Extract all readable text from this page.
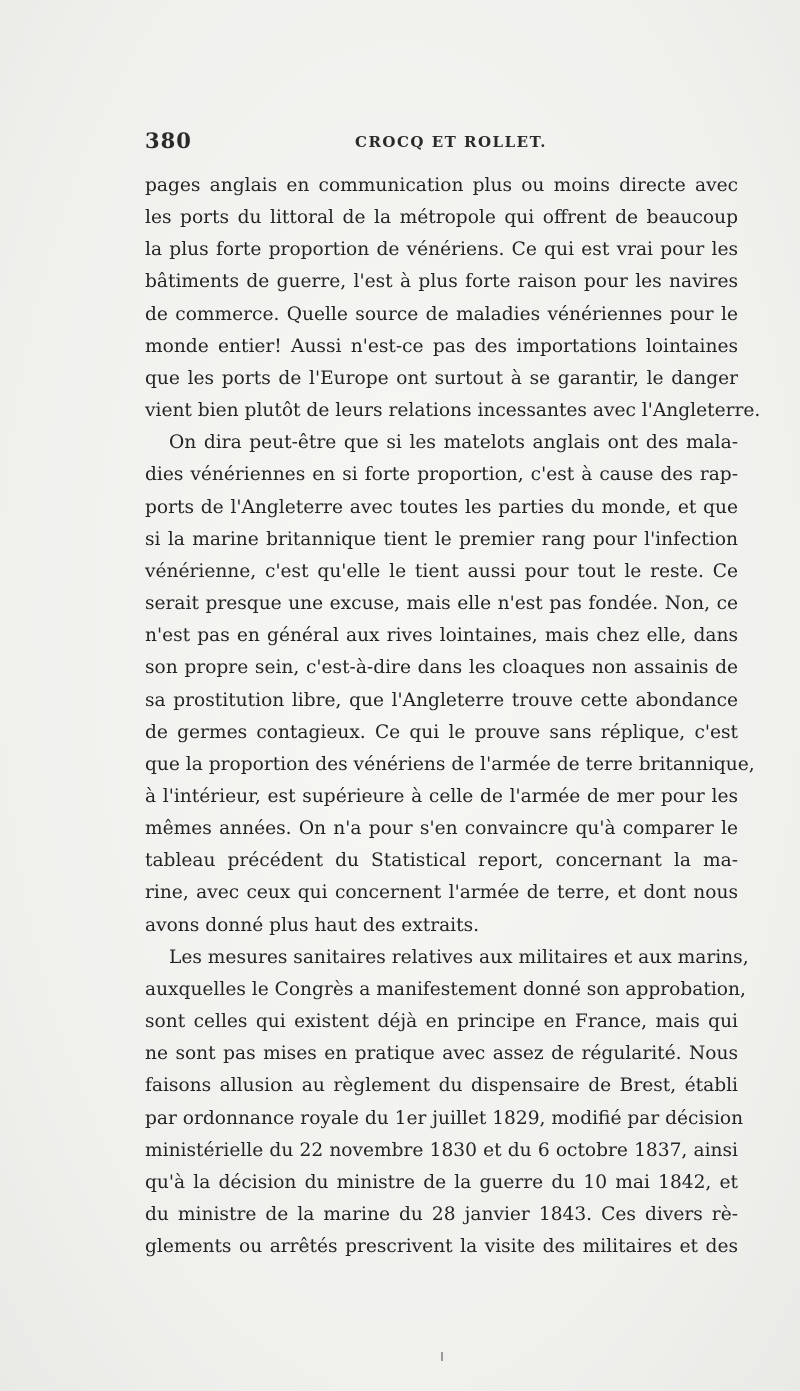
380	CROCQ ET ROLLET.
pages anglais en communication plus ou moins directe avec
les ports du littoral de la métropole qui offrent de beaucoup
la plus forte proportion de vénériens. Ce qui est vrai pour les
bâtiments de guerre, l'est à plus forte raison pour les navires
de commerce. Quelle source de maladies vénériennes pour le
monde entier! Aussi n'est-ce pas des importations lointaines
que les ports de l'Europe ont surtout à se garantir, le danger
vient bien plutôt de leurs relations incessantes avec l'Angleterre.
On dira peut-être que si les matelots anglais ont des mala-
dies vénériennes en si forte proportion, c'est à cause des rap-
ports de l'Angleterre avec toutes les parties du monde, et que
si la marine britannique tient le premier rang pour l'infection
vénérienne, c'est qu'elle le tient aussi pour tout le reste. Ce
serait presque une excuse, mais elle n'est pas fondée. Non, ce
n'est pas en général aux rives lointaines, mais chez elle, dans
son propre sein, c'est-à-dire dans les cloaques non assainis de
sa prostitution libre, que l'Angleterre trouve cette abondance
de germes contagieux. Ce qui le prouve sans réplique, c'est
que la proportion des vénériens de l'armée de terre britannique,
à l'intérieur, est supérieure à celle de l'armée de mer pour les
mêmes années. On n'a pour s'en convaincre qu'à comparer le
tableau précédent du Statistical report, concernant la ma-
rine, avec ceux qui concernent l'armée de terre, et dont nous
avons donné plus haut des extraits.
Les mesures sanitaires relatives aux militaires et aux marins,
auxquelles le Congrès a manifestement donné son approbation,
sont celles qui existent déjà en principe en France, mais qui
ne sont pas mises en pratique avec assez de régularité. Nous
faisons allusion au règlement du dispensaire de Brest, établi
par ordonnance royale du 1er juillet 1829, modifié par décision
ministérielle du 22 novembre 1830 et du 6 octobre 1837, ainsi
qu'à la décision du ministre de la guerre du 10 mai 1842, et
du ministre de la marine du 28 janvier 1843. Ces divers rè-
glements ou arrêtés prescrivent la visite des militaires et des
